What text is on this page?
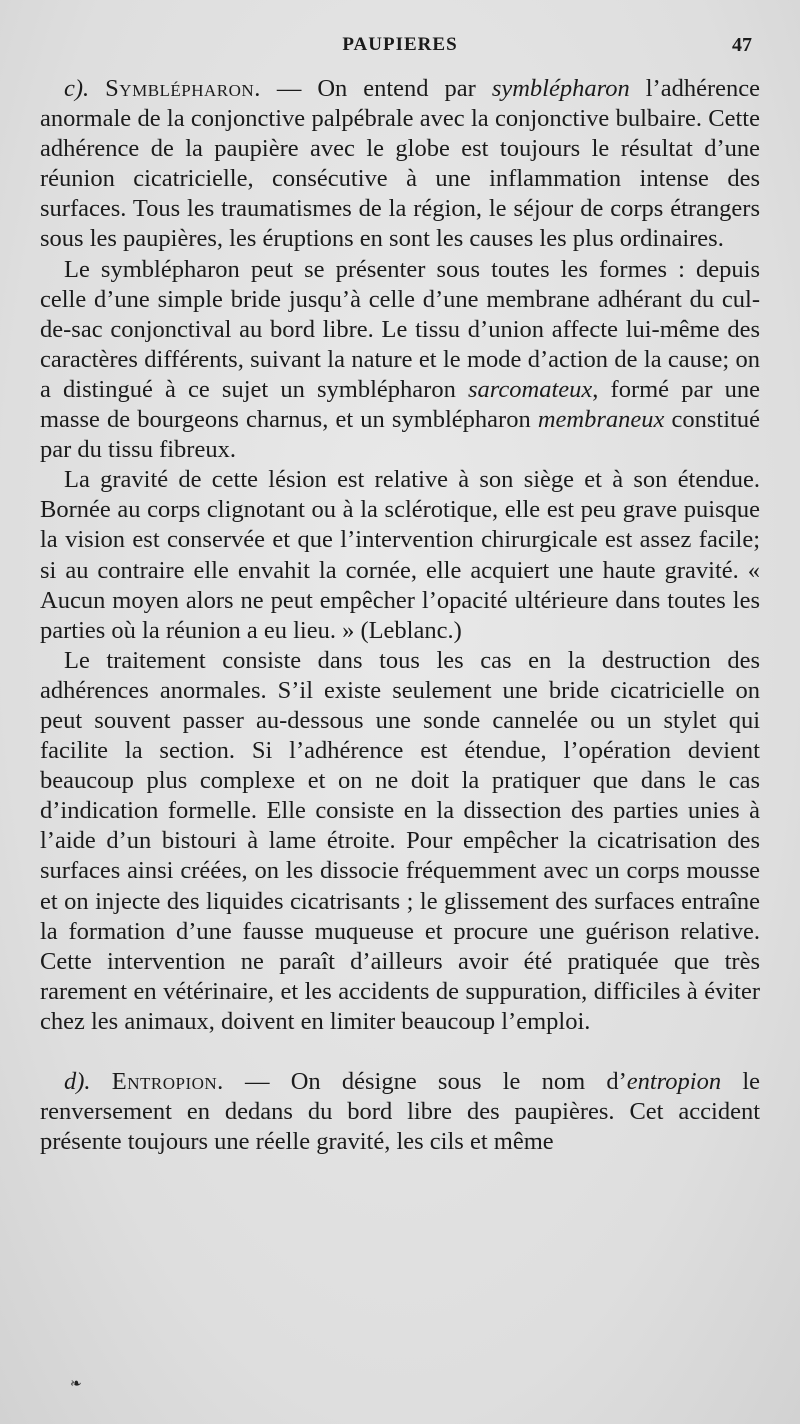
PAUPIERES	47

c). Symblépharon. — On entend par symblépharon l’adhérence anormale de la conjonctive palpébrale avec la conjonctive bulbaire. Cette adhérence de la paupière avec le globe est toujours le résultat d’une réunion cicatricielle, consécutive à une inflammation intense des surfaces. Tous les traumatismes de la région, le séjour de corps étrangers sous les paupières, les éruptions en sont les causes les plus ordinaires.

Le symblépharon peut se présenter sous toutes les formes : depuis celle d’une simple bride jusqu’à celle d’une membrane adhérant du cul-de-sac conjonctival au bord libre. Le tissu d’union affecte lui-même des caractères différents, suivant la nature et le mode d’action de la cause; on a distingué à ce sujet un symblépharon sarcomateux, formé par une masse de bourgeons charnus, et un symblépharon membraneux constitué par du tissu fibreux.

La gravité de cette lésion est relative à son siège et à son étendue. Bornée au corps clignotant ou à la sclérotique, elle est peu grave puisque la vision est conservée et que l’intervention chirurgicale est assez facile; si au contraire elle envahit la cornée, elle acquiert une haute gravité. « Aucun moyen alors ne peut empêcher l’opacité ultérieure dans toutes les parties où la réunion a eu lieu. » (Leblanc.)

Le traitement consiste dans tous les cas en la destruction des adhérences anormales. S’il existe seulement une bride cicatricielle on peut souvent passer au-dessous une sonde cannelée ou un stylet qui facilite la section. Si l’adhérence est étendue, l’opération devient beaucoup plus complexe et on ne doit la pratiquer que dans le cas d’indication formelle. Elle consiste en la dissection des parties unies à l’aide d’un bistouri à lame étroite. Pour empêcher la cicatrisation des surfaces ainsi créées, on les dissocie fréquemment avec un corps mousse et on injecte des liquides cicatrisants ; le glissement des surfaces entraîne la formation d’une fausse muqueuse et procure une guérison relative. Cette intervention ne paraît d’ailleurs avoir été pratiquée que très rarement en vétérinaire, et les accidents de suppuration, difficiles à éviter chez les animaux, doivent en limiter beaucoup l’emploi.

d). Entropion. — On désigne sous le nom d’entropion le renversement en dedans du bord libre des paupières. Cet accident présente toujours une réelle gravité, les cils et même

❧
